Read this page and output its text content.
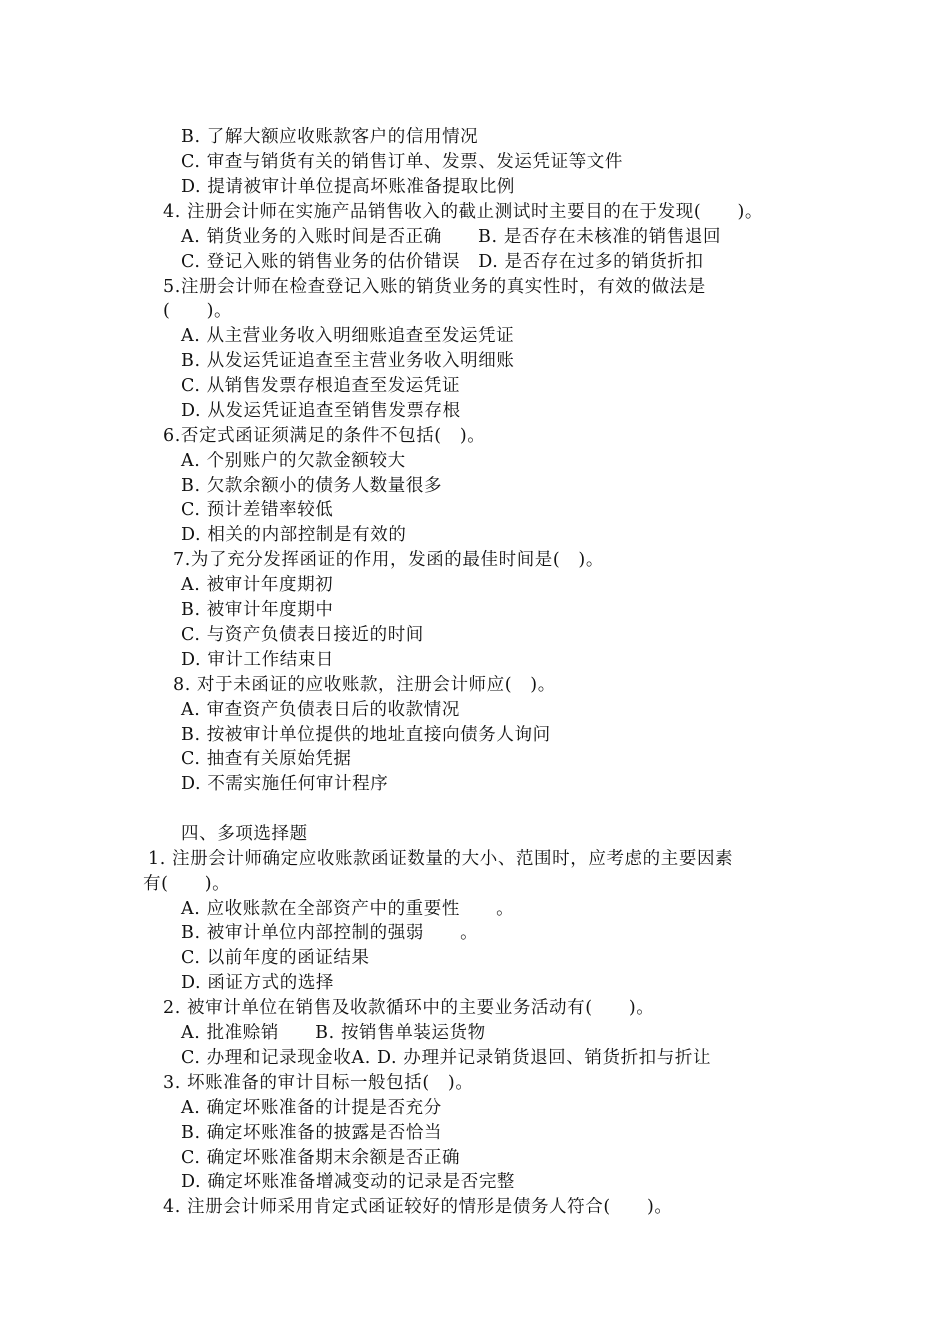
B. 了解大额应收账款客户的信用情况
C. 审查与销货有关的销售订单、发票、发运凭证等文件
D. 提请被审计单位提高坏账准备提取比例
4. 注册会计师在实施产品销售收入的截止测试时主要目的在于发现(　　)。
A. 销货业务的入账时间是否正确　　B. 是否存在未核准的销售退回
C. 登记入账的销售业务的估价错误　D. 是否存在过多的销货折扣
5.注册会计师在检查登记入账的销货业务的真实性时，有效的做法是
(　　)。
A. 从主营业务收入明细账追查至发运凭证
B. 从发运凭证追查至主营业务收入明细账
C. 从销售发票存根追查至发运凭证
D. 从发运凭证追查至销售发票存根
6.否定式函证须满足的条件不包括(　)。
A. 个别账户的欠款金额较大
B. 欠款余额小的债务人数量很多
C. 预计差错率较低
D. 相关的内部控制是有效的
7.为了充分发挥函证的作用，发函的最佳时间是(　)。
A. 被审计年度期初
B. 被审计年度期中
C. 与资产负债表日接近的时间
D. 审计工作结束日
8. 对于未函证的应收账款，注册会计师应(　)。
A. 审查资产负债表日后的收款情况
B. 按被审计单位提供的地址直接向债务人询问
C. 抽查有关原始凭据
D. 不需实施任何审计程序
四、多项选择题
1. 注册会计师确定应收账款函证数量的大小、范围时，应考虑的主要因素
有(　　)。
A. 应收账款在全部资产中的重要性　　。
B. 被审计单位内部控制的强弱　　。
C. 以前年度的函证结果
D. 函证方式的选择
2. 被审计单位在销售及收款循环中的主要业务活动有(　　)。
A. 批准赊销　　B. 按销售单装运货物
C. 办理和记录现金收A. D. 办理并记录销货退回、销货折扣与折让
3. 坏账准备的审计目标一般包括(　)。
A. 确定坏账准备的计提是否充分
B. 确定坏账准备的披露是否恰当
C. 确定坏账准备期末余额是否正确
D. 确定坏账准备增减变动的记录是否完整
4. 注册会计师采用肯定式函证较好的情形是债务人符合(　　)。
